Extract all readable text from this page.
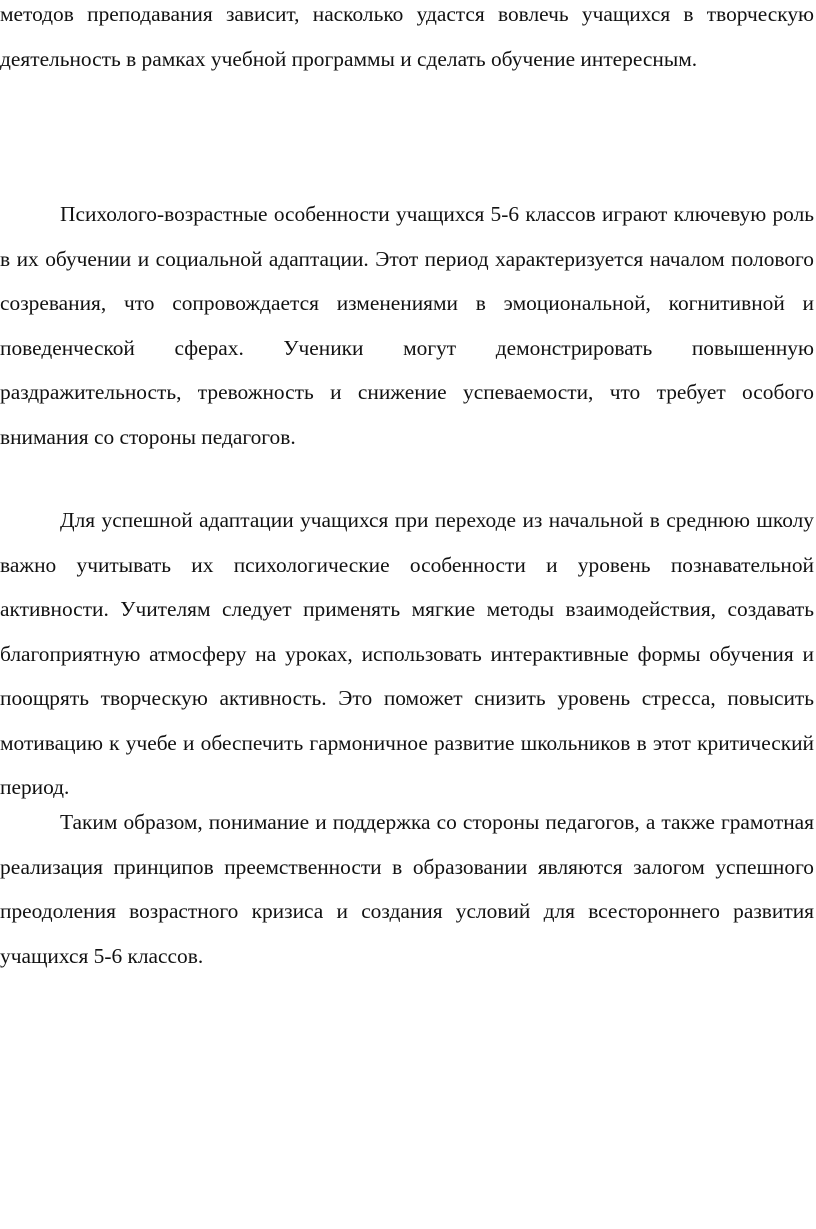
методов преподавания зависит, насколько удастся вовлечь учащихся в творческую деятельность в рамках учебной программы и сделать обучение интересным.

Психолого-возрастные особенности учащихся 5-6 классов играют ключевую роль в их обучении и социальной адаптации. Этот период характеризуется началом полового созревания, что сопровождается изменениями в эмоциональной, когнитивной и поведенческой сферах. Ученики могут демонстрировать повышенную раздражительность, тревожность и снижение успеваемости, что требует особого внимания со стороны педагогов.

Для успешной адаптации учащихся при переходе из начальной в среднюю школу важно учитывать их психологические особенности и уровень познавательной активности. Учителям следует применять мягкие методы взаимодействия, создавать благоприятную атмосферу на уроках, использовать интерактивные формы обучения и поощрять творческую активность. Это поможет снизить уровень стресса, повысить мотивацию к учебе и обеспечить гармоничное развитие школьников в этот критический период.

Таким образом, понимание и поддержка со стороны педагогов, а также грамотная реализация принципов преемственности в образовании являются залогом успешного преодоления возрастного кризиса и создания условий для всестороннего развития учащихся 5-6 классов.
